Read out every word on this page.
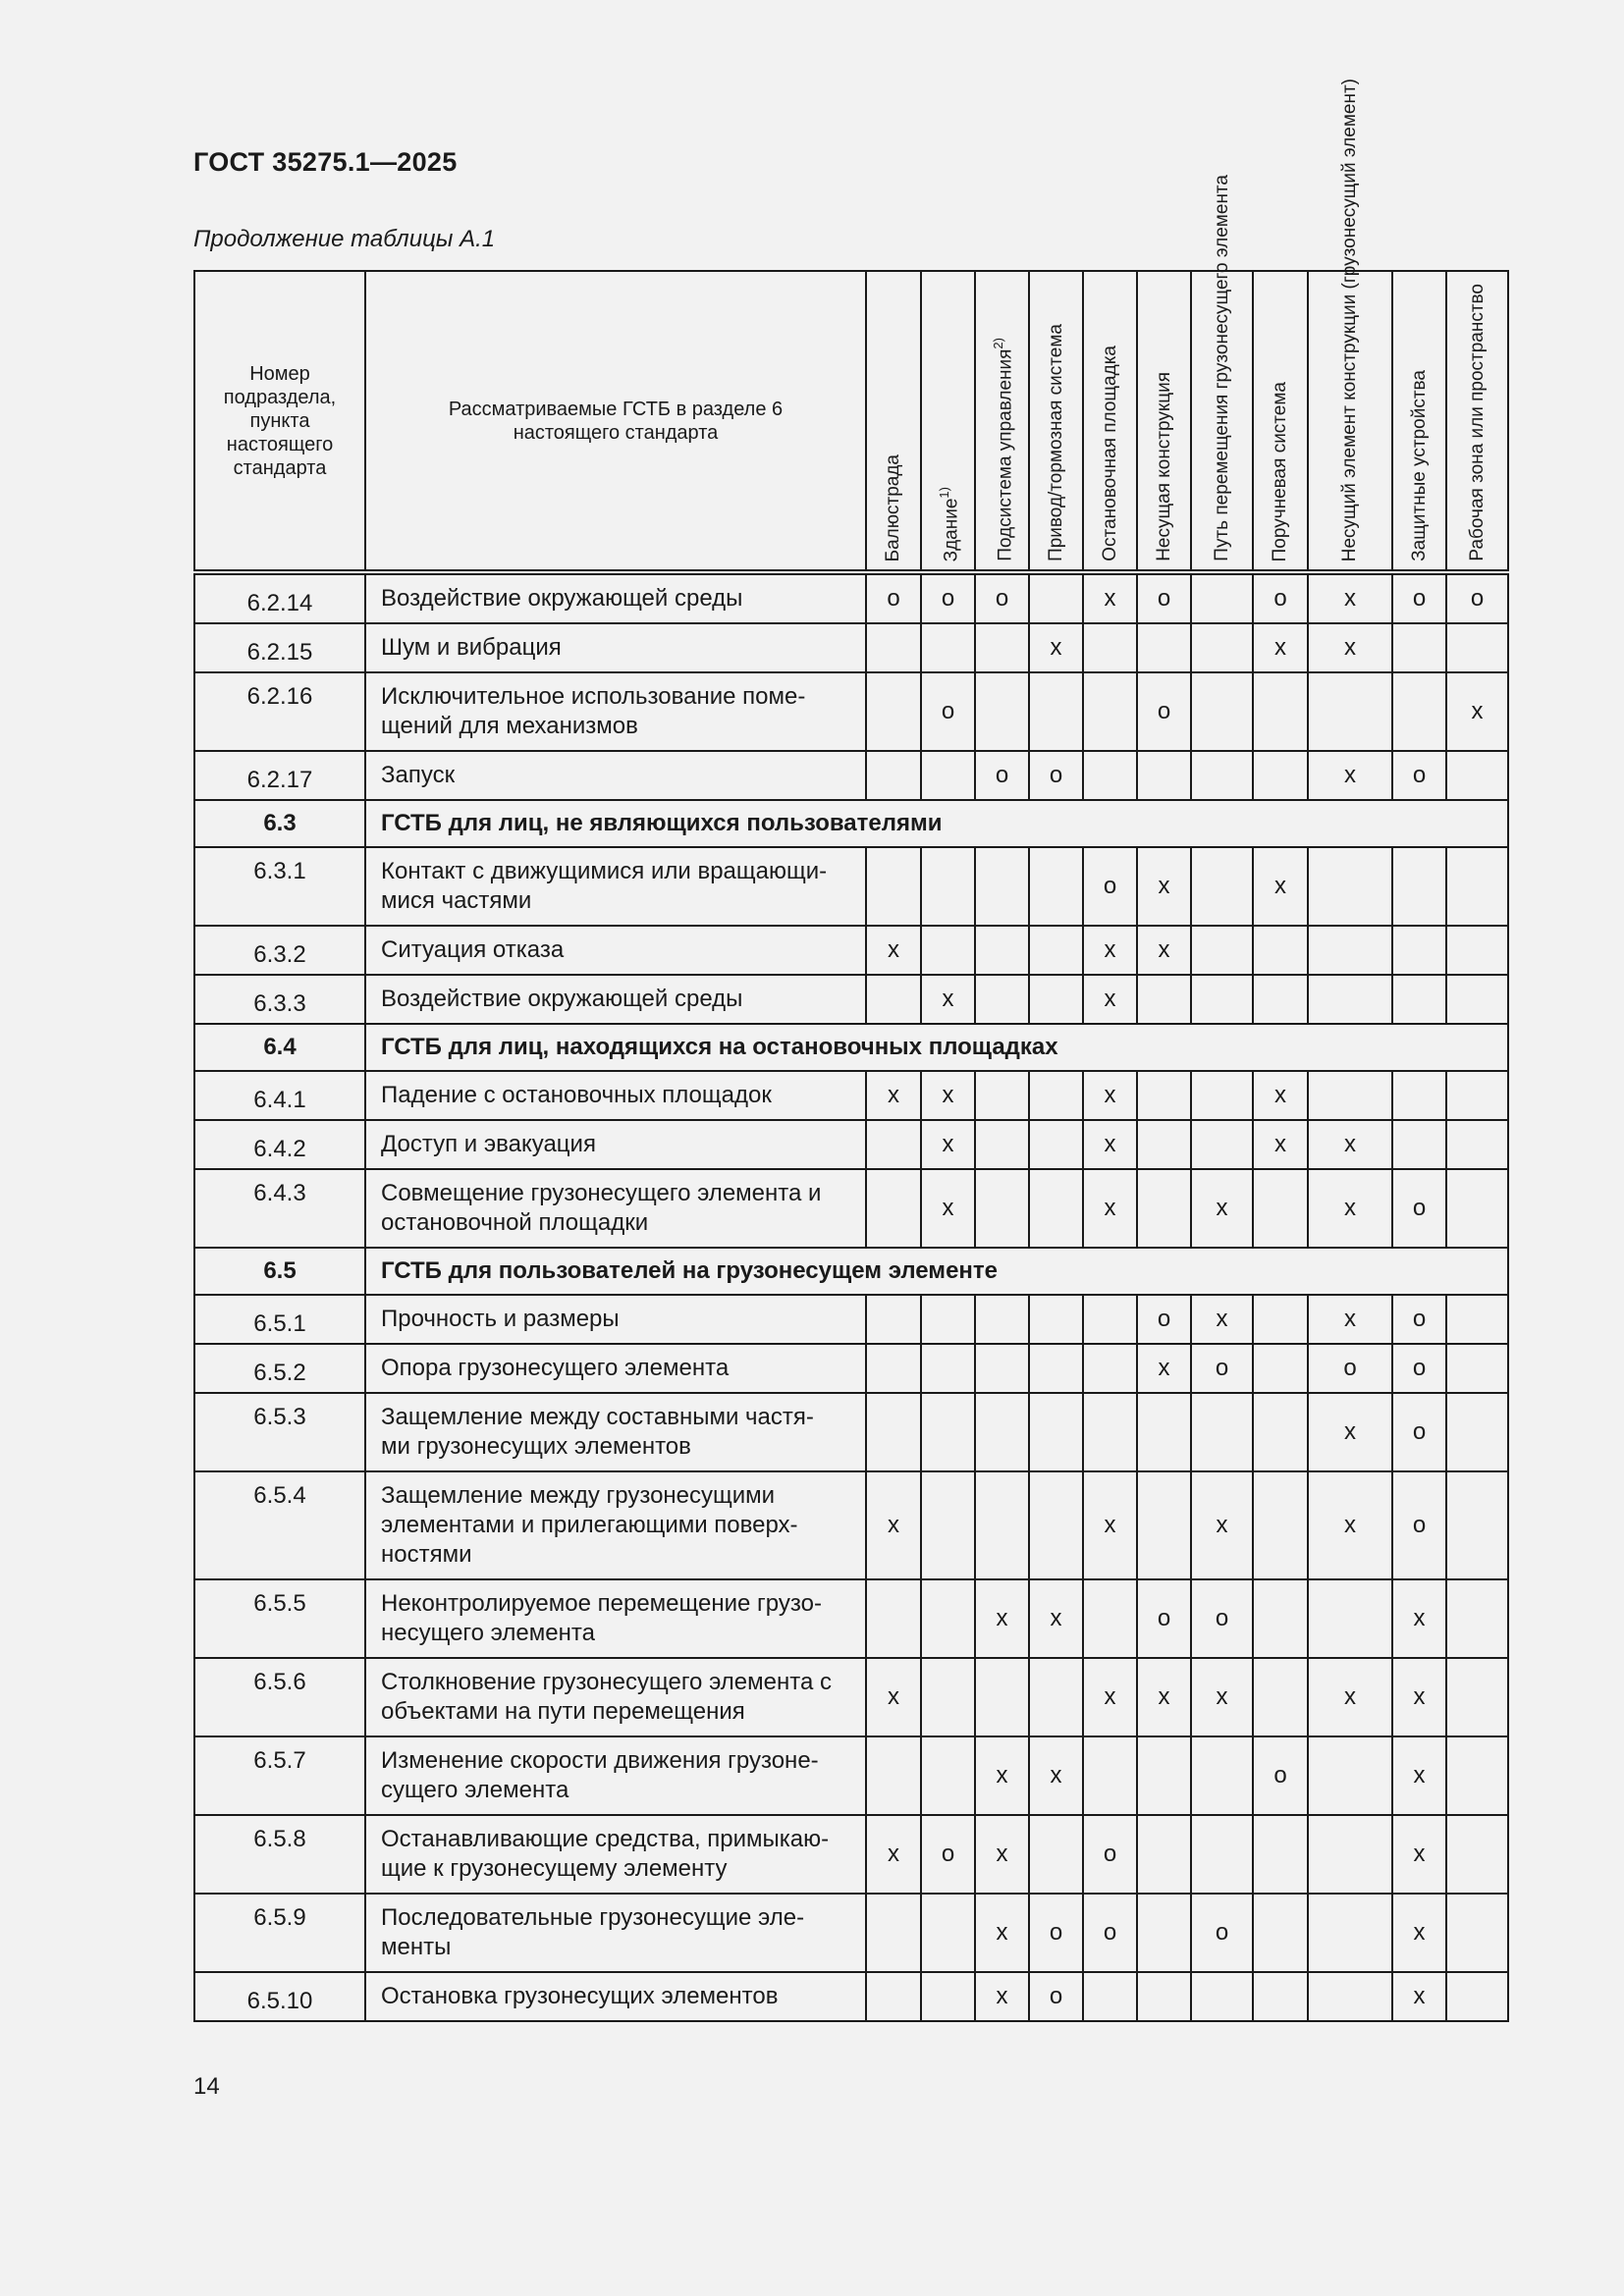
ГОСТ 35275.1—2025
Продолжение таблицы А.1
Номер подраздела, пункта настоящего стандарта	Рассматриваемые ГСТБ в разделе 6 настоящего стандарта	Балюстрада	Здание$^{1)}$	Подсистема управления$^{2)}$	Привод/тормозная система	Остановочная площадка	Несущая конструкция	Путь перемещения грузонесущего элемента	Поручневая система	Несущий элемент конструкции (грузонесущий элемент)	Защитные устройства	Рабочая зона или пространство

6.2.14	Воздействие окружающей среды	о	о	о		х	о		о	х	о	о
6.2.15	Шум и вибрация				х				х	х		
6.2.16	Исключительное использование поме-
щений для механизмов		о				о					х
6.2.17	Запуск			о	о					х	о	
6.3	ГСТБ для лиц, не являющихся пользователями											
6.3.1	Контакт с движущимися или вращающи-
мися частями					о	х		х			
6.3.2	Ситуация отказа	х				х	х					
6.3.3	Воздействие окружающей среды		х			х						
6.4	ГСТБ для лиц, находящихся на остановочных площадках											
6.4.1	Падение с остановочных площадок	х	х			х			х			
6.4.2	Доступ и эвакуация		х			х			х	х		
6.4.3	Совмещение грузонесущего элемента и
остановочной площадки		х			х		х		х	о	
6.5	ГСТБ для пользователей на грузонесущем элементе											
6.5.1	Прочность и размеры						о	х		х	о	
6.5.2	Опора грузонесущего элемента						х	о		о	о	
6.5.3	Защемление между составными частя-
ми грузонесущих элементов									х	о	
6.5.4	Защемление между грузонесущими
элементами и прилегающими поверх-
ностями	х				х		х		х	о	
6.5.5	Неконтролируемое перемещение грузо-
несущего элемента			х	х		о	о			х	
6.5.6	Столкновение грузонесущего элемента с
объектами на пути перемещения	х				х	х	х		х	х	
6.5.7	Изменение скорости движения грузоне-
сущего элемента			х	х				о		х	
6.5.8	Останавливающие средства, примыкаю-
щие к грузонесущему элементу	х	о	х		о					х	
6.5.9	Последовательные грузонесущие эле-
менты			х	о	о		о			х	
6.5.10	Остановка грузонесущих элементов			х	о						х	
14
